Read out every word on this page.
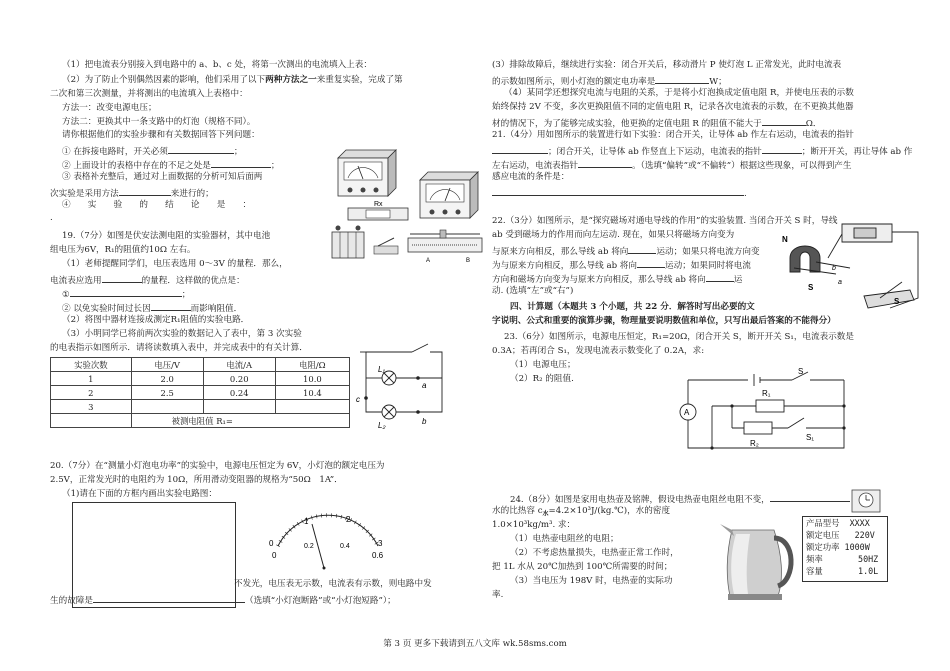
（1）把电流表分别接入到电路中的 a、b、c 处，将第一次测出的电流填入上表：
（2）为了防止个别偶然因素的影响，他们采用了以下两种方法之一来重复实验，完成了第
二次和第三次测量，并将测出的电流填入上表格中：
方法一：改变电源电压；
方法二：更换其中一条支路中的灯泡（规格不同）。
请你根据他们的实验步骤和有关数据回答下列问题：
① 在拆接电路时，开关必须	；
② 上面设计的表格中存在的不足之处是	；
③ 表格补充整后，通过对上面数据的分析可知后面两
次实验是采用方法	来进行的；
④　　实　　验　　的　　结　　论　　是　　：
.
19.（7分）如图是伏安法测电阻的实验器材，其中电池
组电压为6V，R₁的阻值约10Ω 左右。
（1）老师提醒同学们，电压表选用 0～3V 的量程．那么，
电流表应选用	的量程．这样做的优点是：
①	；
② 以免实验时间过长因	而影响阻值．
（2）将图中器材连接成测定R₁阻值的实验电路．
（3）小明同学已将前两次实验的数据记入了表中，第 3 次实验
的电表指示如图所示．请将读数填入表中，并完成表中的有关计算．
实验次数	电压/V	电流/A	电阻/Ω
1	2.0	0.20	10.0
2	2.5	0.24	10.4
3			
	被测电阻值 R₁=		
20.（7分）在“测量小灯泡电功率”的实验中，电源电压恒定为 6V，小灯泡的额定电压为
2.5V，正常发光时的电阻约为 10Ω，所用滑动变阻器的规格为“50Ω　1A”．
（1)请在下面的方框内画出实验电路图：
不发光，电压表无示数，电流表有示数，则电路中发
生的故障是	（选填“小灯泡断路”或“小灯泡短路”）；
Rx
A	B
L₁
L₂
a
b
c
0
1	2
3
0
0.2	0.4
0.6
(3）排除故障后，继续进行实验：闭合开关后，移动滑片 P 使灯泡 L 正常发光，此时电流表
的示数如图所示，则小灯泡的额定电功率是	W；
（4）某同学还想探究电流与电阻的关系，于是将小灯泡换成定值电阻 R，并使电压表的示数
始终保持 2V 不变，多次更换阻值不同的定值电阻 R，记录各次电流表的示数，在不更换其他器
材的情况下，为了能够完成实验，他更换的定值电阻 R 的阻值不能大于	Ω．
21.（4分）用如图所示的装置进行如下实验：闭合开关，让导体 ab 作左右运动，电流表的指针
；闭合开关，让导体 ab 作竖直上下运动，电流表的指针	；断开开关，再让导体 ab 作
左右运动，电流表指针	。（选填“偏转”或“不偏转”）根据这些现象，可以得到产生
感应电流的条件是：
.
22.（3分）如图所示，是“探究磁场对通电导线的作用”的实验装置. 当闭合开关 S 时，导线
ab 受到磁场力的作用而向左运动. 现在，如果只将磁场方向变为
与原来方向相反，那么导线 ab 将向	运动；如果只将电流方向变
为与原来方向相反，那么导线 ab 将向	运动；如果同时将电流
方向和磁场方向变为与原来方向相反，那么导线 ab 将向	运
动. (选填“左”或“右”)
四、计算题（本题共 3 个小题，共 22 分．解答时写出必要的文
字说明、公式和重要的演算步骤，物理量要说明数值和单位，只写出最后答案的不能得分）
23.（6分）如图所示，电源电压恒定，R₁=20Ω，闭合开关 S，断开开关 S₁，电流表示数是
0.3A；若再闭合 S₁，发现电流表示数变化了 0.2A，求:
（1）电源电压；
（2）R₂ 的阻值.
24.（8分）如图是家用电热壶及铭牌，假设电热壶电阻丝电阻不变，
水的比热容 $c_水=4.2\times 10^3J/(kg.℃)$，水的密度
1.0×10³kg/m³. 求：
（1）电热壶电阻丝的电阻；
（2）不考虑热量损失，电热壶正常工作时，
把 1L 水从 20℃加热到 100℃所需要的时间；
（3）当电压为 198V 时，电热壶的实际功
率.
N
S
b
a
S
A
S
R₁
R₂
S₁
产品型号 XXXX
额定电压 220V
额定功率 1000W
频率	50HZ
容量	1.0L
第 3 页 更多下载请到五八文库 wk.58sms.com
